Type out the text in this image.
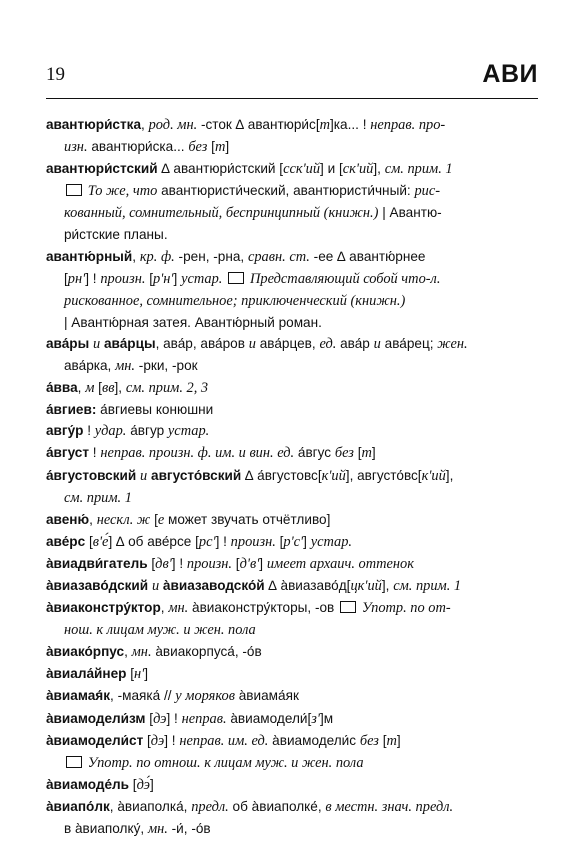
19	АВИ
авантюри́стка, род. мн. -сток ∆ авантюри́с[т]ка... ! неправ. про-
изн. авантюри́ска... без [т]
авантюри́стский ∆ авантюри́стский [сск'ий] и [ск'ий], см. прим. 1
То же, что авантюристи́ческий, авантюристи́чный: рис-
кованный, сомнительный, беспринципный (книжн.) | Авантю-
ри́стские планы.
авантю́рный, кр. ф. -рен, -рна, сравн. ст. -ее ∆ авантю́рнее
[рн'] ! произн. [р'н'] устар. Представляющий собой что-л.
рискованное, сомнительное; приключенческий (книжн.)
| Авантю́рная затея. Авантю́рный роман.
ава́ры и ава́рцы, ава́р, ава́ров и ава́рцев, ед. ава́р и ава́рец; жен.
ава́рка, мн. -рки, -рок
а́вва, м [вв], см. прим. 2, 3
а́вгиев: а́вгиевы конюшни
авгу́р ! удар. а́вгур устар.
а́вгуст ! неправ. произн. ф. им. и вин. ед. а́вгус без [т]
а́вгустовский и августо́вский ∆ а́вгустовс[к'ий], августо́вс[к'ий],
см. прим. 1
авеню́, нескл. ж [е может звучать отчётливо]
аве́рс [в'е́] ∆ об аве́рсе [рс'] ! произн. [р'с'] устар.
а̀виадви́гатель [дв'] ! произн. [д'в'] имеет архаич. оттенок
а̀виазаво́дский и а̀виазаводско́й ∆ а̀виазаво́д[цк'ий], см. прим. 1
а̀виаконстру́ктор, мн. а̀виаконстру́кторы, -ов  Употр. по от-
нош. к лицам муж. и жен. пола
а̀виако́рпус, мн. а̀виакорпуса́, -о́в
а̀виала́йнер [н']
а̀виамая́к, -маяка́ // у моряков а̀виама́як
а̀виамодели́зм [дэ] ! неправ. а̀виамодели́[з']м
а̀виамодели́ст [дэ] ! неправ. им. ед. а̀виамодели́с без [т]
Употр. по отнош. к лицам муж. и жен. пола
а̀виамоде́ль [дэ́]
а̀виапо́лк, а̀виаполка́, предл. об а̀виаполке́, в местн. знач. предл.
в а̀виаполку́, мн. -и́, -о́в
